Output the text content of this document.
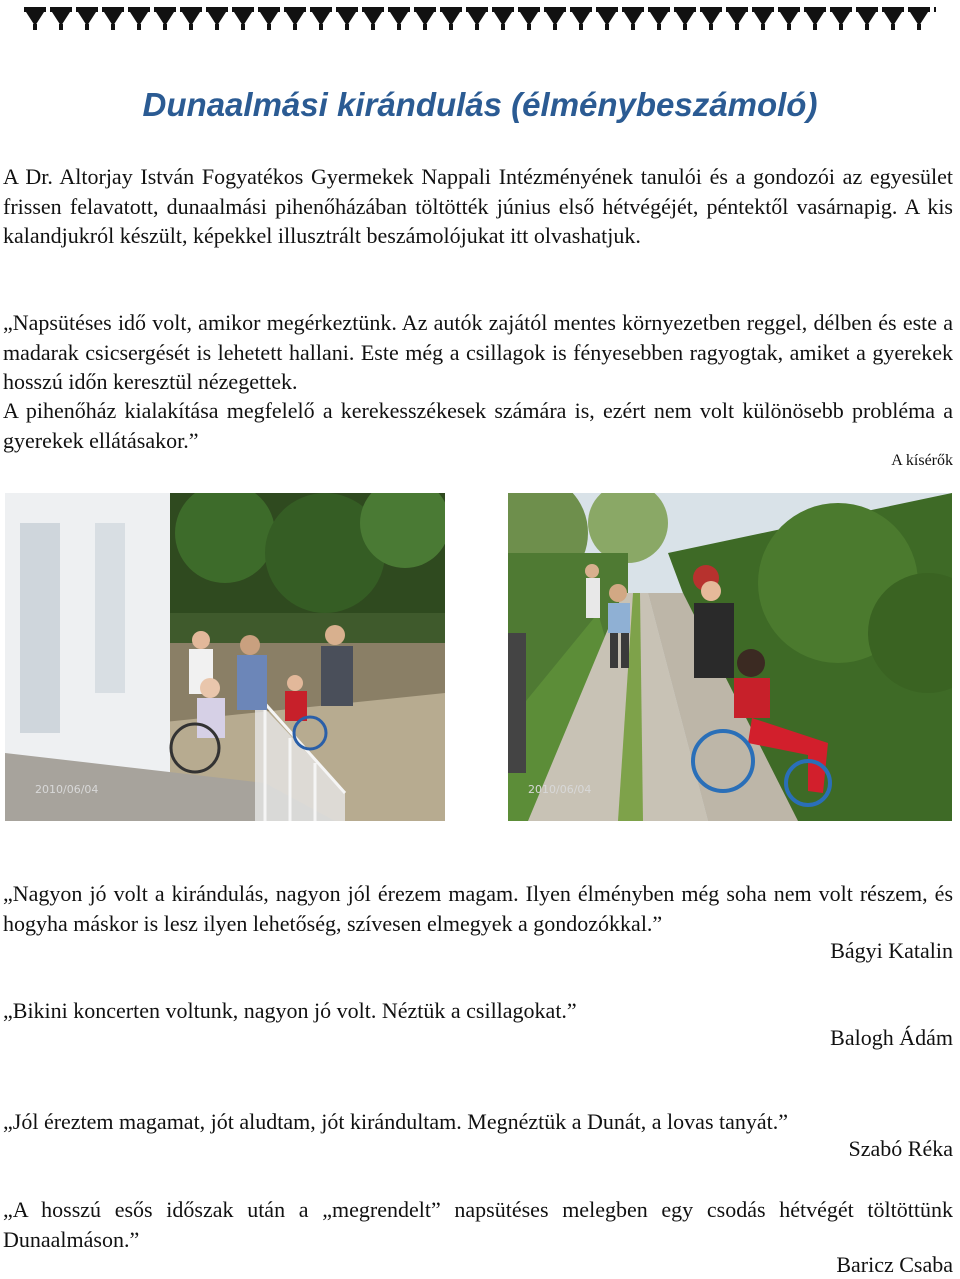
Dunaalmási kirándulás (élménybeszámoló)

A Dr. Altorjay István Fogyatékos Gyermekek Nappali Intézményének tanulói és a gondozói az egyesület frissen felavatott, dunaalmási pihenőházában töltötték június első hétvégéjét, péntektől vasárnapig. A kis kalandjukról készült, képekkel illusztrált beszámolójukat itt olvashatjuk.

„Napsütéses idő volt, amikor megérkeztünk. Az autók zajától mentes környezetben reggel, délben és este a madarak csicsergését is lehetett hallani. Este még a csillagok is fényesebben ragyogtak, amiket a gyerekek hosszú időn keresztül nézegettek.

A pihenőház kialakítása megfelelő a kerekesszékesek számára is, ezért nem volt különösebb probléma a gyerekek ellátásakor.”

A kísérők

2010/06/04	2010/06/04

„Nagyon jó volt a kirándulás, nagyon jól érezem magam. Ilyen élményben még soha nem volt részem, és hogyha máskor is lesz ilyen lehetőség, szívesen elmegyek a gondozókkal.”

Bágyi Katalin

„Bikini koncerten voltunk, nagyon jó volt. Néztük a csillagokat.”

Balogh Ádám

„Jól éreztem magamat, jót aludtam, jót kirándultam. Megnéztük a Dunát, a lovas tanyát.”

Szabó Réka

„A hosszú esős időszak után a „megrendelt” napsütéses melegben egy csodás hétvégét töltöttünk Dunaalmáson.”

Baricz Csaba
